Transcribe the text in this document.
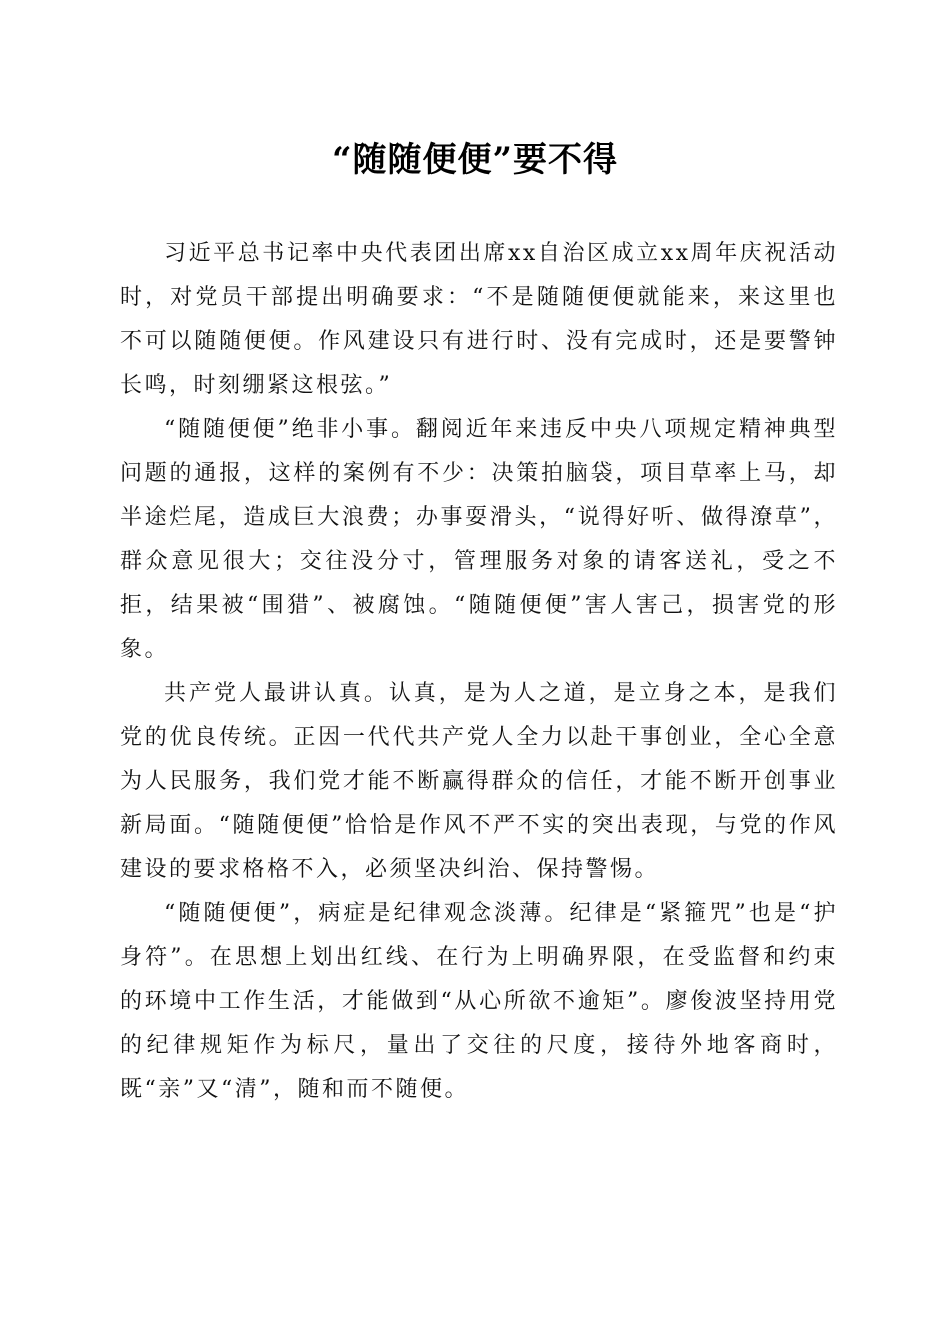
“随随便便”要不得

习近平总书记率中央代表团出席xx自治区成立xx周年庆祝活动时，对党员干部提出明确要求：“不是随随便便就能来，来这里也不可以随随便便。作风建设只有进行时、没有完成时，还是要警钟长鸣，时刻绷紧这根弦。”

“随随便便”绝非小事。翻阅近年来违反中央八项规定精神典型问题的通报，这样的案例有不少：决策拍脑袋，项目草率上马，却半途烂尾，造成巨大浪费；办事耍滑头，“说得好听、做得潦草”，群众意见很大；交往没分寸，管理服务对象的请客送礼，受之不拒，结果被“围猎”、被腐蚀。“随随便便”害人害己，损害党的形象。

共产党人最讲认真。认真，是为人之道，是立身之本，是我们党的优良传统。正因一代代共产党人全力以赴干事创业，全心全意为人民服务，我们党才能不断赢得群众的信任，才能不断开创事业新局面。“随随便便”恰恰是作风不严不实的突出表现，与党的作风建设的要求格格不入，必须坚决纠治、保持警惕。

“随随便便”，病症是纪律观念淡薄。纪律是“紧箍咒”也是“护身符”。在思想上划出红线、在行为上明确界限，在受监督和约束的环境中工作生活，才能做到“从心所欲不逾矩”。廖俊波坚持用党的纪律规矩作为标尺，量出了交往的尺度，接待外地客商时，既“亲”又“清”，随和而不随便。
